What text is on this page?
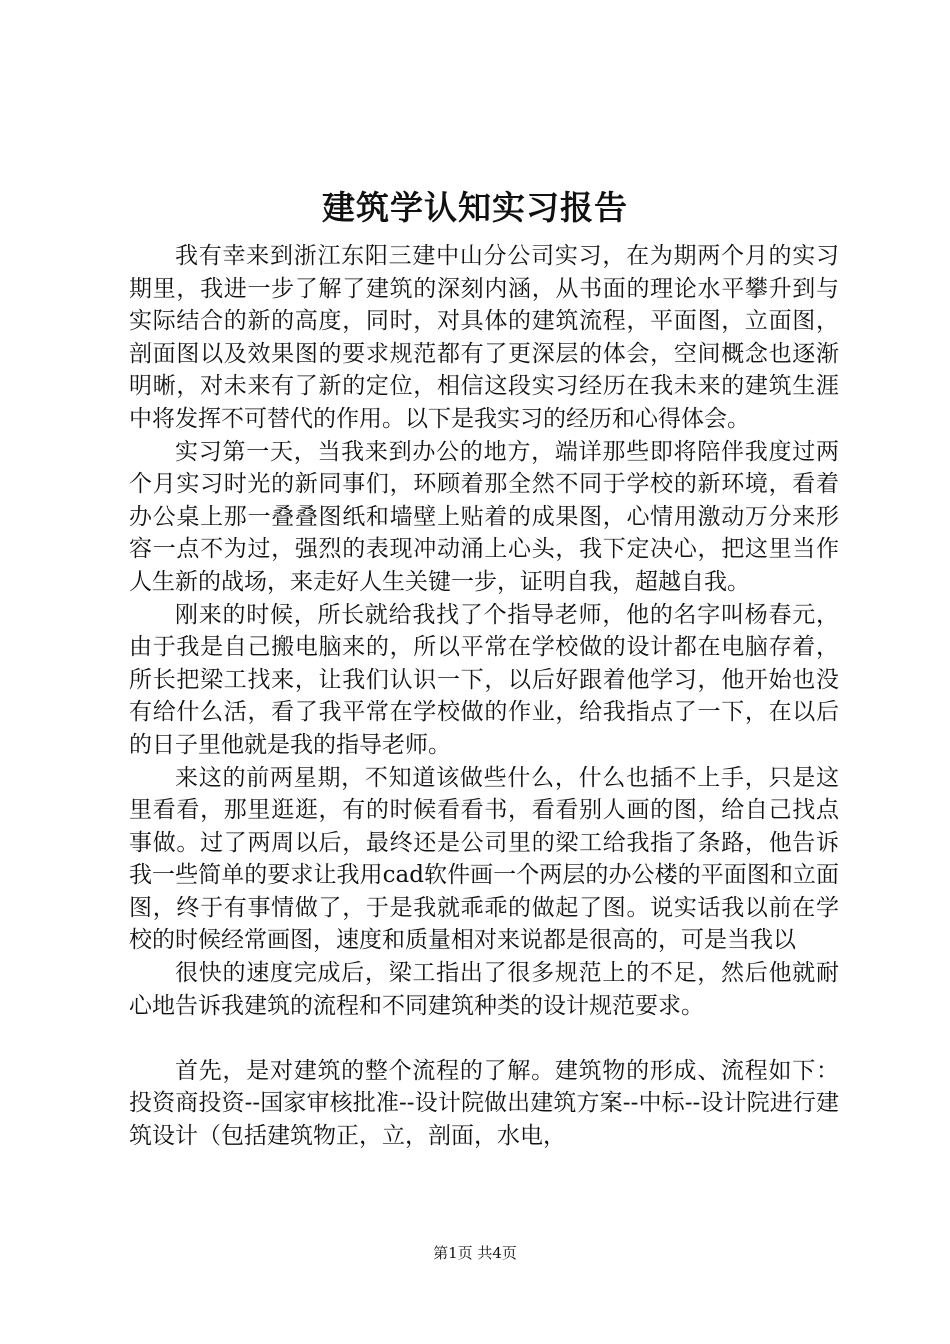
建筑学认知实习报告

我有幸来到浙江东阳三建中山分公司实习，在为期两个月的实习期里，我进一步了解了建筑的深刻内涵，从书面的理论水平攀升到与实际结合的新的高度，同时，对具体的建筑流程，平面图，立面图，剖面图以及效果图的要求规范都有了更深层的体会，空间概念也逐渐明晰，对未来有了新的定位，相信这段实习经历在我未来的建筑生涯中将发挥不可替代的作用。以下是我实习的经历和心得体会。

实习第一天，当我来到办公的地方，端详那些即将陪伴我度过两个月实习时光的新同事们，环顾着那全然不同于学校的新环境，看着办公桌上那一叠叠图纸和墙壁上贴着的成果图，心情用激动万分来形容一点不为过，强烈的表现冲动涌上心头，我下定决心，把这里当作人生新的战场，来走好人生关键一步，证明自我，超越自我。

刚来的时候，所长就给我找了个指导老师，他的名字叫杨春元，由于我是自己搬电脑来的，所以平常在学校做的设计都在电脑存着，所长把梁工找来，让我们认识一下，以后好跟着他学习，他开始也没有给什么活，看了我平常在学校做的作业，给我指点了一下，在以后的日子里他就是我的指导老师。

来这的前两星期，不知道该做些什么，什么也插不上手，只是这里看看，那里逛逛，有的时候看看书，看看别人画的图，给自己找点事做。过了两周以后，最终还是公司里的梁工给我指了条路，他告诉我一些简单的要求让我用cad软件画一个两层的办公楼的平面图和立面图，终于有事情做了，于是我就乖乖的做起了图。说实话我以前在学校的时候经常画图，速度和质量相对来说都是很高的，可是当我以

很快的速度完成后，梁工指出了很多规范上的不足，然后他就耐心地告诉我建筑的流程和不同建筑种类的设计规范要求。

首先，是对建筑的整个流程的了解。建筑物的形成、流程如下：投资商投资--国家审核批准--设计院做出建筑方案--中标--设计院进行建筑设计（包括建筑物正，立，剖面，水电，

第1页 共4页
